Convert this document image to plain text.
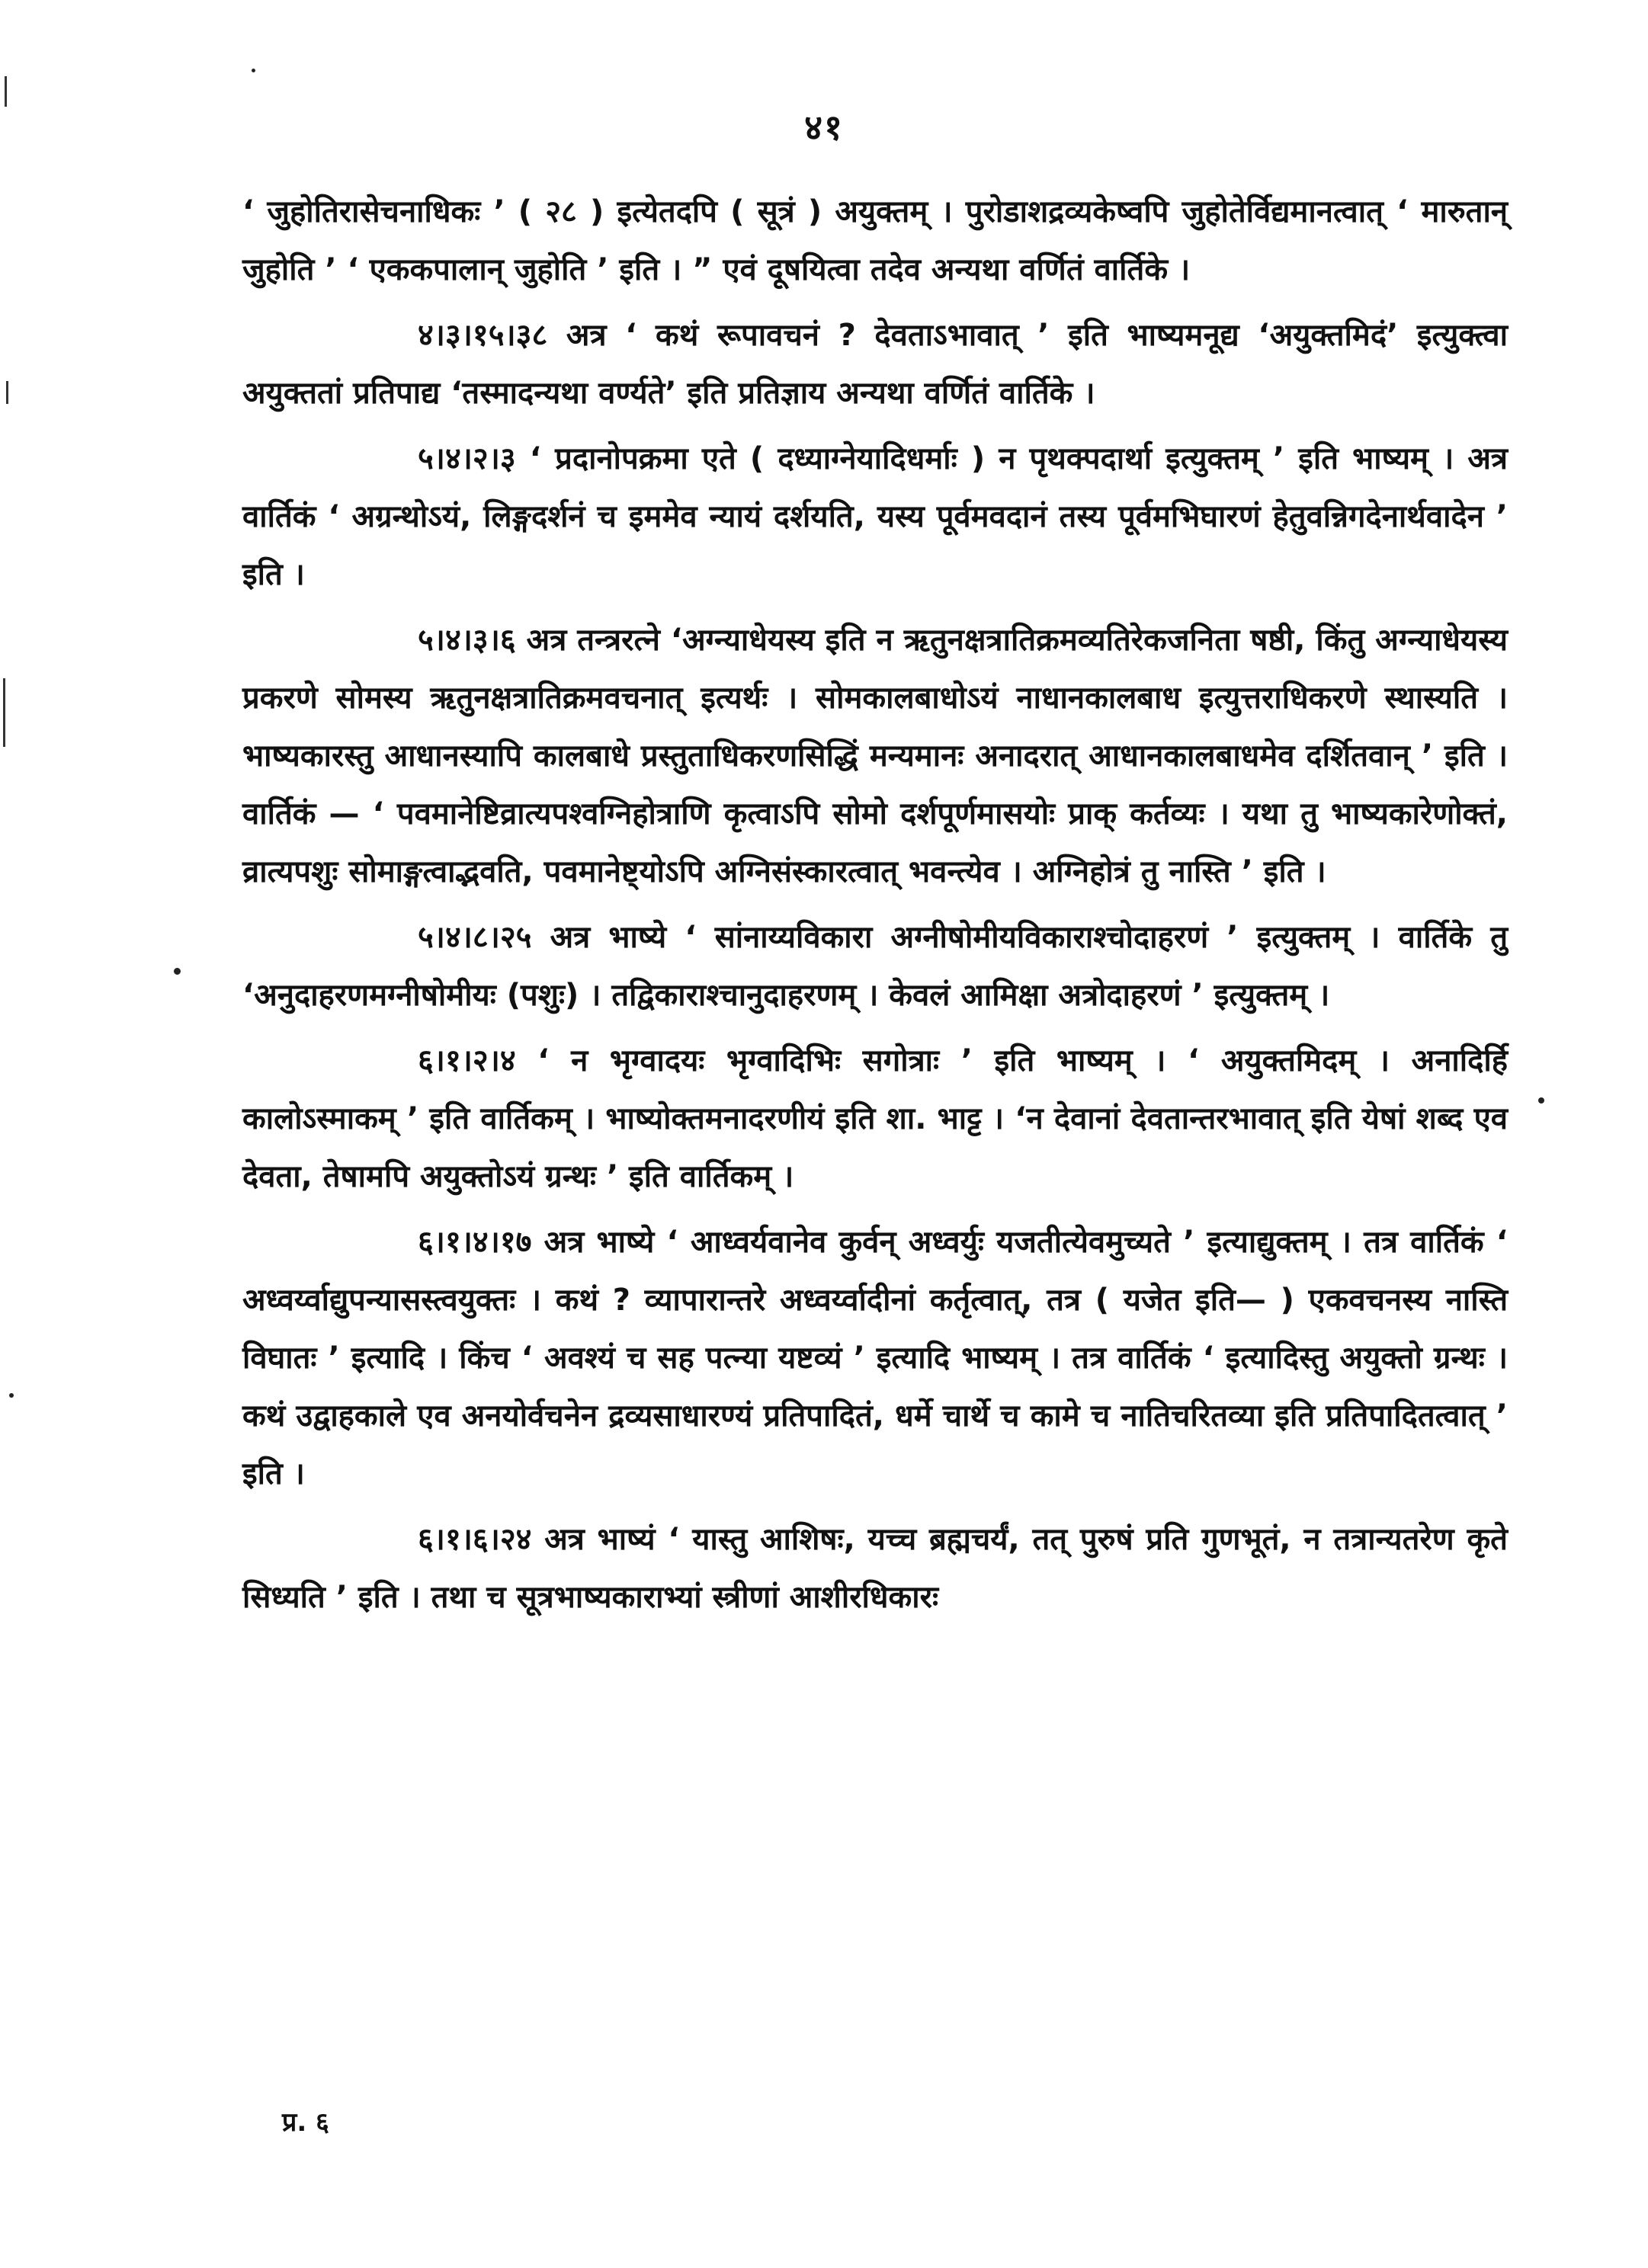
४१

‘ जुहोतिरासेचनाधिकः ’ ( २८ ) इत्येतदपि ( सूत्रं ) अयुक्तम् । पुरोडाशद्रव्यकेष्वपि जुहोतेर्विद्यमानत्वात् ‘ मारुतान् जुहोति ’ ‘ एककपालान् जुहोति ’ इति । ” एवं दूषयित्वा तदेव अन्यथा वर्णितं वार्तिके ।

४।३।१५।३८ अत्र ‘ कथं रूपावचनं ? देवताऽभावात् ’ इति भाष्यमनूद्य ‘अयुक्तमिदं’ इत्युक्त्वा अयुक्ततां प्रतिपाद्य ‘तस्मादन्यथा वर्ण्यते’ इति प्रतिज्ञाय अन्यथा वर्णितं वार्तिके ।

५।४।२।३ ‘ प्रदानोपक्रमा एते ( दध्याग्नेयादिधर्माः ) न पृथक्पदार्था इत्युक्तम् ’ इति भाष्यम् । अत्र वार्तिकं ‘ अग्रन्थोऽयं, लिङ्गदर्शनं च इममेव न्यायं दर्शयति, यस्य पूर्वमवदानं तस्य पूर्वमभिघारणं हेतुवन्निगदेनार्थवादेन ’ इति ।

५।४।३।६ अत्र तन्त्ररत्ने ‘अग्न्याधेयस्य इति न ऋतुनक्षत्रातिक्रमव्यतिरेकजनिता षष्ठी, किंतु अग्न्याधेयस्य प्रकरणे सोमस्य ऋतुनक्षत्रातिक्रमवचनात् इत्यर्थः । सोमकालबाधोऽयं नाधानकालबाध इत्युत्तराधिकरणे स्थास्यति । भाष्यकारस्तु आधानस्यापि कालबाधे प्रस्तुताधिकरणसिद्धिं मन्यमानः अनादरात् आधानकालबाधमेव दर्शितवान् ’ इति । वार्तिकं — ‘ पवमानेष्टिव्रात्यपश्वग्निहोत्राणि कृत्वाऽपि सोमो दर्शपूर्णमासयोः प्राक् कर्तव्यः । यथा तु भाष्यकारेणोक्तं, व्रात्यपशुः सोमाङ्गत्वाद्भवति, पवमानेष्ट्योऽपि अग्निसंस्कारत्वात् भवन्त्येव । अग्निहोत्रं तु नास्ति ’ इति ।

५।४।८।२५ अत्र भाष्ये ‘ सांनाय्यविकारा अग्नीषोमीयविकाराश्चोदाहरणं ’ इत्युक्तम् । वार्तिके तु ‘अनुदाहरणमग्नीषोमीयः (पशुः) । तद्विकाराश्चानुदाहरणम् । केवलं आमिक्षा अत्रोदाहरणं ’ इत्युक्तम् ।

६।१।२।४ ‘ न भृग्वादयः भृग्वादिभिः सगोत्राः ’ इति भाष्यम् । ‘ अयुक्तमिदम् । अनादिर्हि कालोऽस्माकम् ’ इति वार्तिकम् । भाष्योक्तमनादरणीयं इति शा. भाट्ट । ‘न देवानां देवतान्तरभावात् इति येषां शब्द एव देवता, तेषामपि अयुक्तोऽयं ग्रन्थः ’ इति वार्तिकम् ।

६।१।४।१७ अत्र भाष्ये ‘ आध्वर्यवानेव कुर्वन् अध्वर्युः यजतीत्येवमुच्यते ’ इत्याद्युक्तम् । तत्र वार्तिकं ‘ अध्वर्य्वाद्युपन्यासस्त्वयुक्तः । कथं ? व्यापारान्तरे अध्वर्य्वादीनां कर्तृत्वात्, तत्र ( यजेत इति— ) एकवचनस्य नास्ति विघातः ’ इत्यादि । किंच ‘ अवश्यं च सह पत्न्या यष्टव्यं ’ इत्यादि भाष्यम् । तत्र वार्तिकं ‘ इत्यादिस्तु अयुक्तो ग्रन्थः । कथं उद्वाहकाले एव अनयोर्वचनेन द्रव्यसाधारण्यं प्रतिपादितं, धर्मे चार्थे च कामे च नातिचरितव्या इति प्रतिपादितत्वात् ’ इति ।

६।१।६।२४ अत्र भाष्यं ‘ यास्तु आशिषः, यच्च ब्रह्मचर्यं, तत् पुरुषं प्रति गुणभूतं, न तत्रान्यतरेण कृते सिध्यति ’ इति । तथा च सूत्रभाष्यकाराभ्यां स्त्रीणां आशीरधिकारः

प्र. ६
